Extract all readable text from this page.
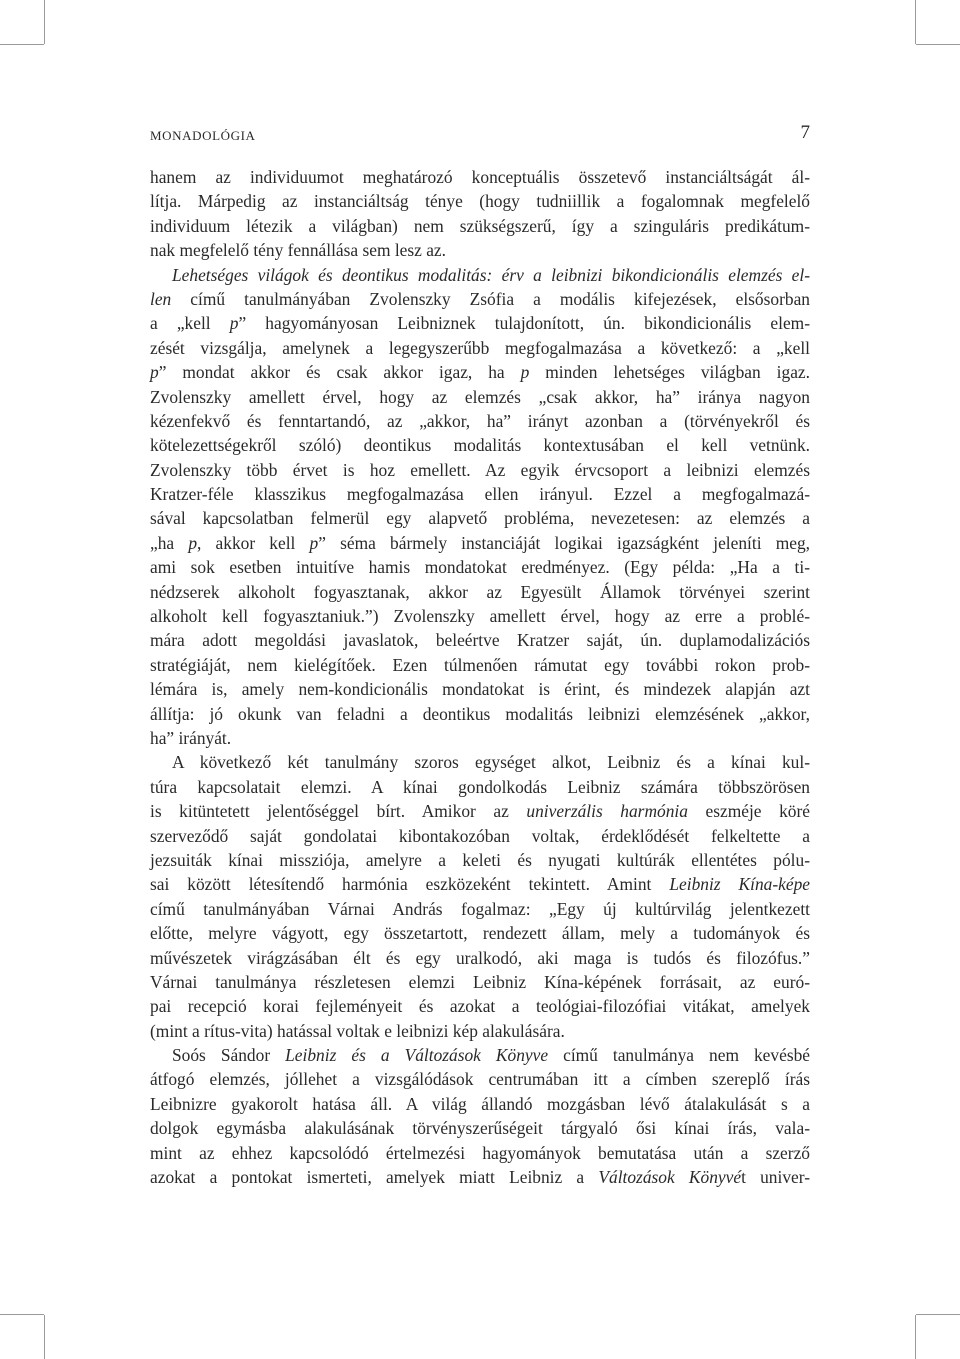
MONADOLÓGIA	7
hanem az individuumot meghatározó konceptuális összetevő instanciáltságát ál-
lítja. Márpedig az instanciáltság ténye (hogy tudniillik a fogalomnak megfelelő
individuum létezik a világban) nem szükségszerű, így a szinguláris predikátum-
nak megfelelő tény fennállása sem lesz az.
Lehetséges világok és deontikus modalitás: érv a leibnizi bikondicionális elemzés el-
len című tanulmányában Zvolenszky Zsófia a modális kifejezések, elsősorban
a „kell p” hagyományosan Leibniznek tulajdonított, ún. bikondicionális elem-
zését vizsgálja, amelynek a legegyszerűbb megfogalmazása a következő: a „kell
p” mondat akkor és csak akkor igaz, ha p minden lehetséges világban igaz.
Zvolenszky amellett érvel, hogy az elemzés „csak akkor, ha” iránya nagyon
kézenfekvő és fenntartandó, az „akkor, ha” irányt azonban a (törvényekről és
kötelezettségekről szóló) deontikus modalitás kontextusában el kell vetnünk.
Zvolenszky több érvet is hoz emellett. Az egyik érvcsoport a leibnizi elemzés
Kratzer-féle klasszikus megfogalmazása ellen irányul. Ezzel a megfogalmazá-
sával kapcsolatban felmerül egy alapvető probléma, nevezetesen: az elemzés a
„ha p, akkor kell p” séma bármely instanciáját logikai igazságként jeleníti meg,
ami sok esetben intuitíve hamis mondatokat eredményez. (Egy példa: „Ha a ti-
nédzserek alkoholt fogyasztanak, akkor az Egyesült Államok törvényei szerint
alkoholt kell fogyasztaniuk.”) Zvolenszky amellett érvel, hogy az erre a problé-
mára adott megoldási javaslatok, beleértve Kratzer saját, ún. duplamodalizációs
stratégiáját, nem kielégítőek. Ezen túlmenően rámutat egy további rokon prob-
lémára is, amely nem-kondicionális mondatokat is érint, és mindezek alapján azt
állítja: jó okunk van feladni a deontikus modalitás leibnizi elemzésének „akkor,
ha” irányát.
A következő két tanulmány szoros egységet alkot, Leibniz és a kínai kul-
túra kapcsolatait elemzi. A kínai gondolkodás Leibniz számára többszörösen
is kitüntetett jelentőséggel bírt. Amikor az univerzális harmónia eszméje köré
szerveződő saját gondolatai kibontakozóban voltak, érdeklődését felkeltette a
jezsuiták kínai missziója, amelyre a keleti és nyugati kultúrák ellentétes pólu-
sai között létesítendő harmónia eszközeként tekintett. Amint Leibniz Kína-képe
című tanulmányában Várnai András fogalmaz: „Egy új kultúrvilág jelentkezett
előtte, melyre vágyott, egy összetartott, rendezett állam, mely a tudományok és
művészetek virágzásában élt és egy uralkodó, aki maga is tudós és filozófus.”
Várnai tanulmánya részletesen elemzi Leibniz Kína-képének forrásait, az euró-
pai recepció korai fejleményeit és azokat a teológiai-filozófiai vitákat, amelyek
(mint a rítus-vita) hatással voltak e leibnizi kép alakulására.
Soós Sándor Leibniz és a Változások Könyve című tanulmánya nem kevésbé
átfogó elemzés, jóllehet a vizsgálódások centrumában itt a címben szereplő írás
Leibnizre gyakorolt hatása áll. A világ állandó mozgásban lévő átalakulását s a
dolgok egymásba alakulásának törvényszerűségeit tárgyaló ősi kínai írás, vala-
mint az ehhez kapcsolódó értelmezési hagyományok bemutatása után a szerző
azokat a pontokat ismerteti, amelyek miatt Leibniz a Változások Könyvét univer-
